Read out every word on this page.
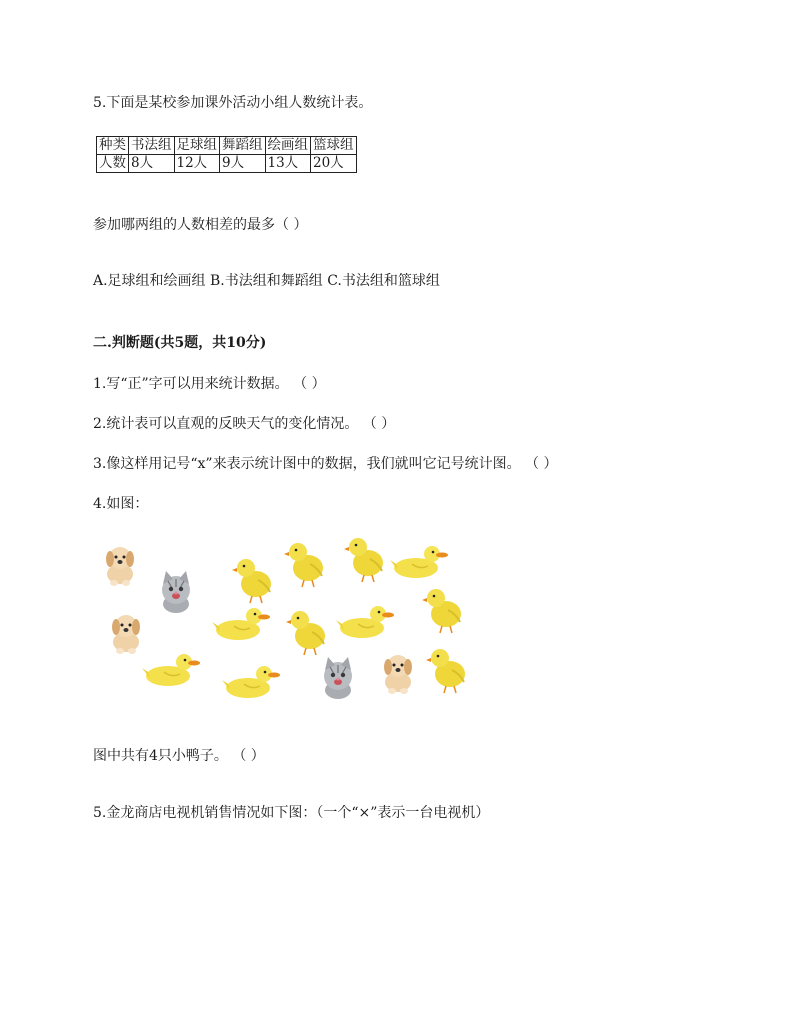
5.下面是某校参加课外活动小组人数统计表。
种类	书法组	足球组	舞蹈组	绘画组	篮球组
人数	8人	12人	9人	13人	20人
参加哪两组的人数相差的最多（ ）
A.足球组和绘画组 B.书法组和舞蹈组 C.书法组和篮球组
二.判断题(共5题，共10分)
1.写“正”字可以用来统计数据。 （ ）
2.统计表可以直观的反映天气的变化情况。 （ ）
3.像这样用记号“x”来表示统计图中的数据，我们就叫它记号统计图。 （ ）
4.如图：
图中共有4只小鸭子。 （ ）
5.金龙商店电视机销售情况如下图：（一个“×”表示一台电视机）
